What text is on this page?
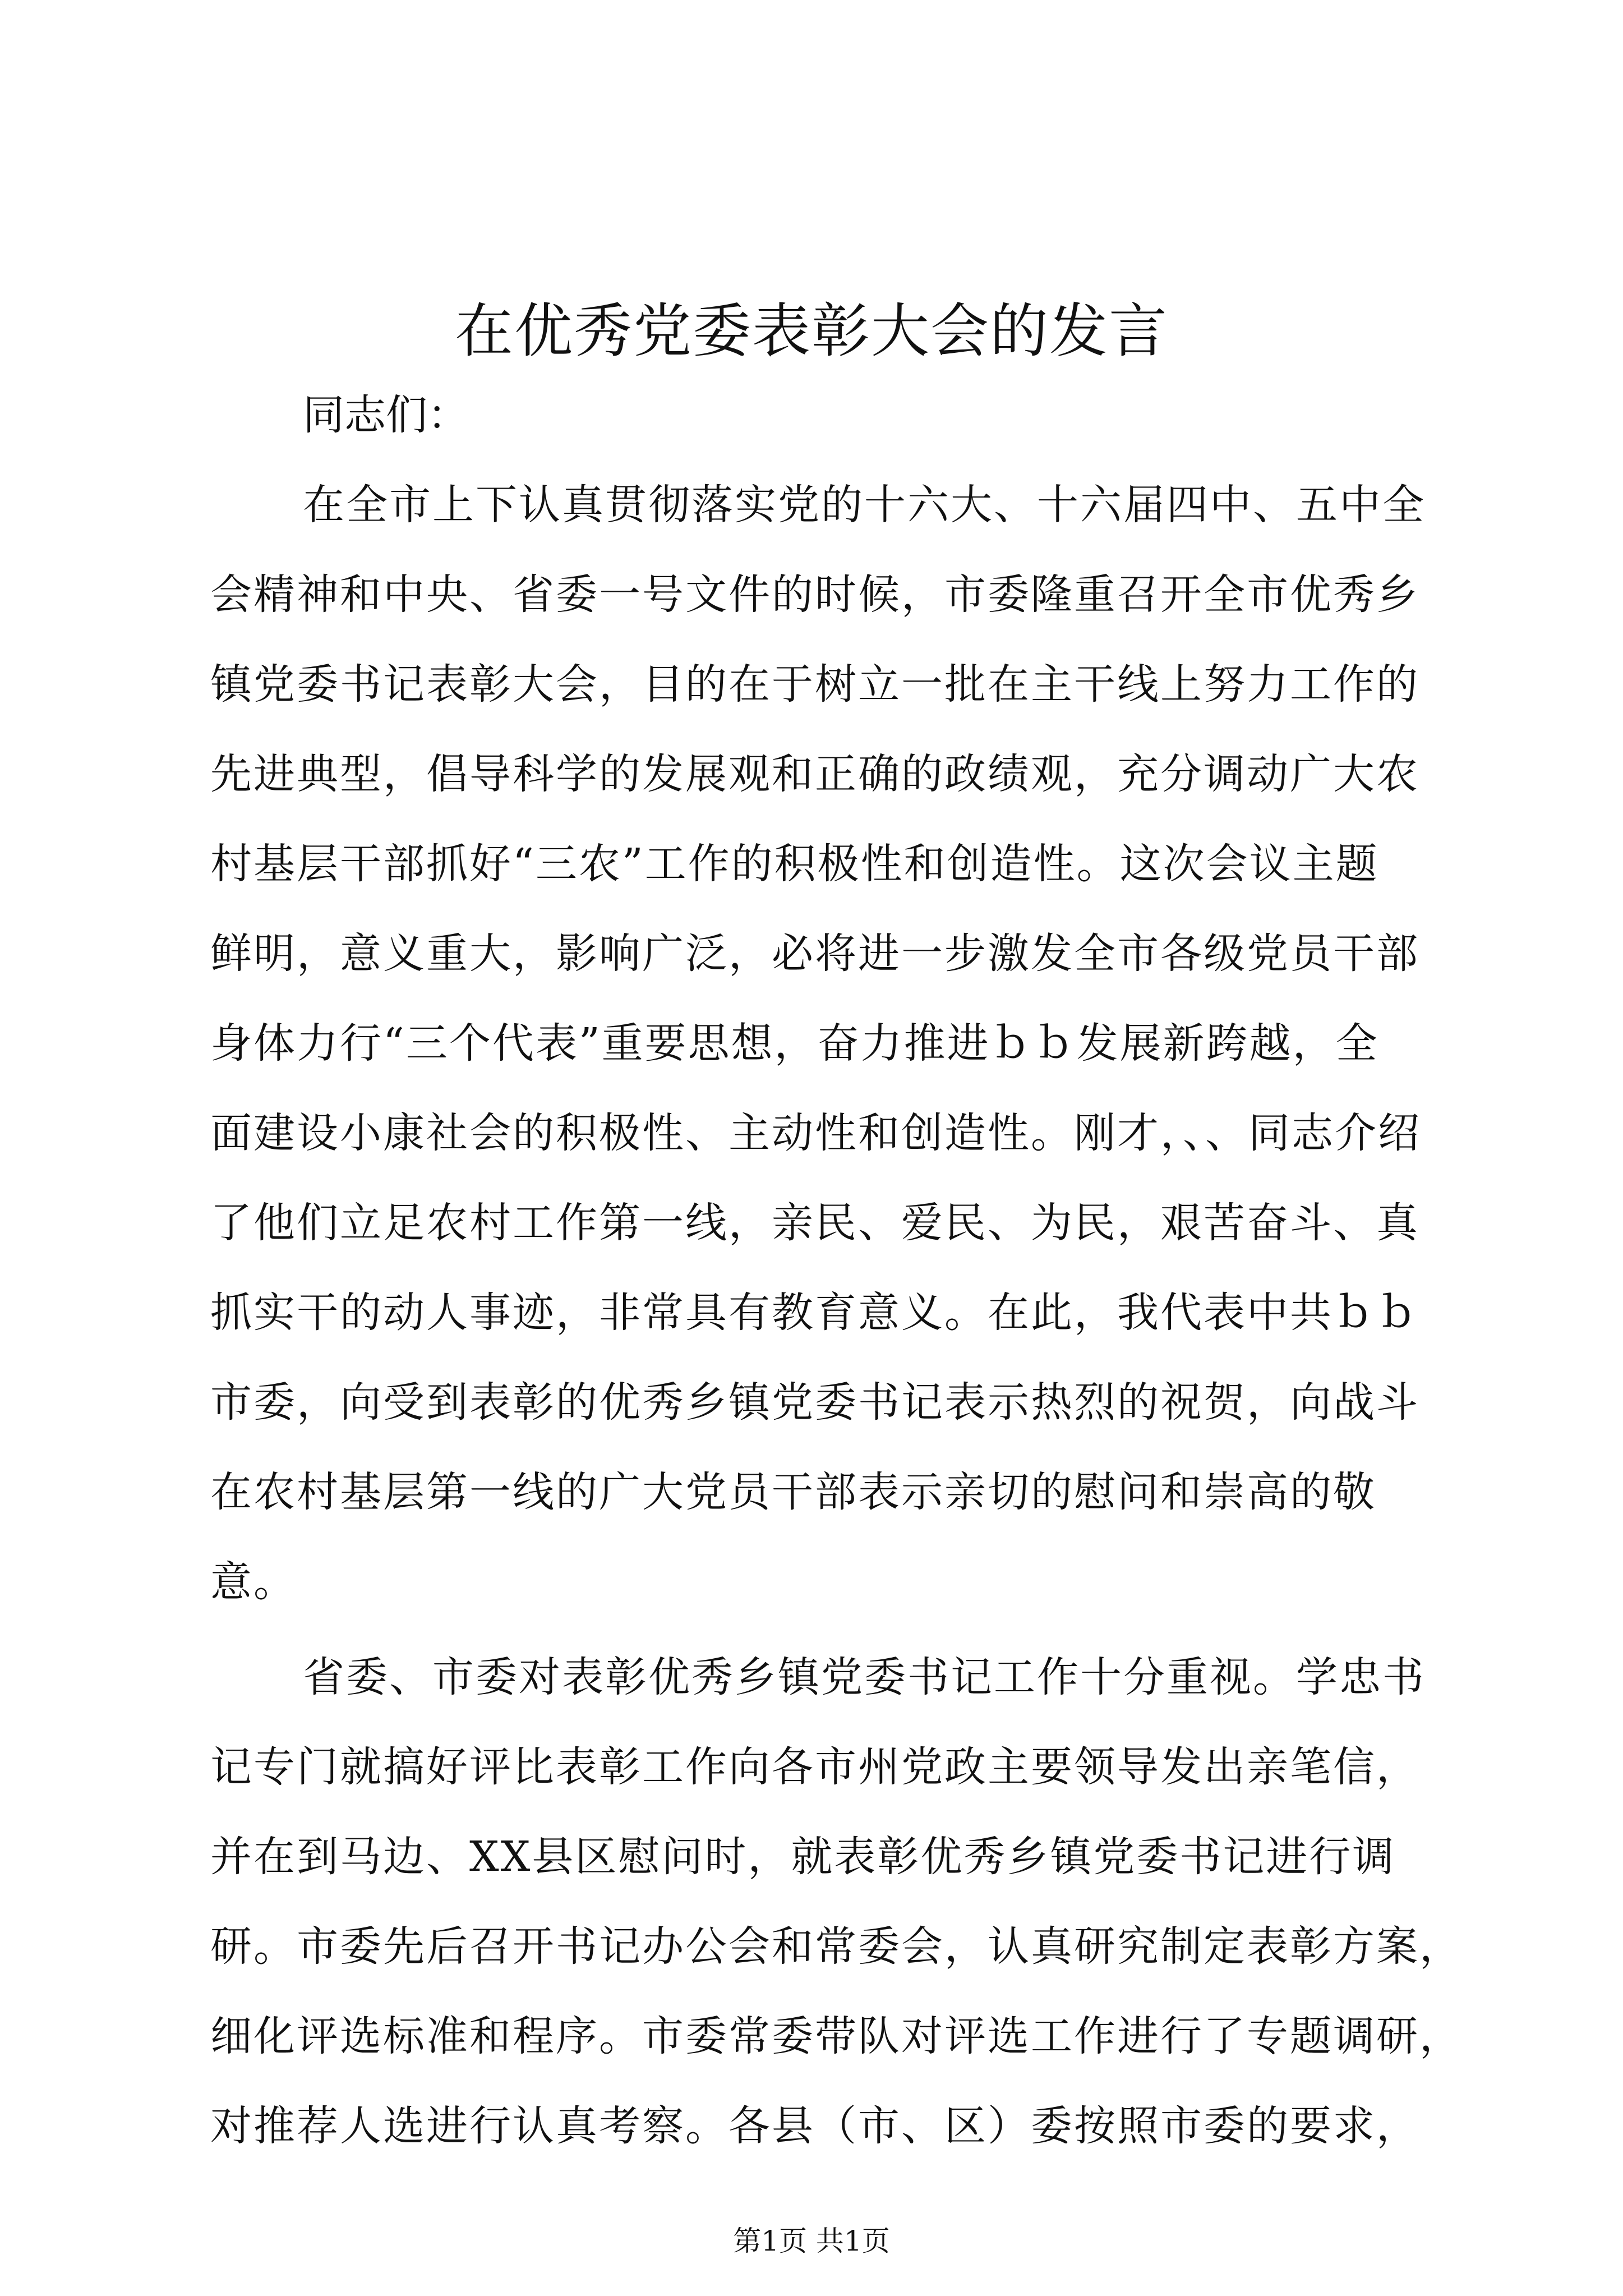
在优秀党委表彰大会的发言

同志们：

在全市上下认真贯彻落实党的十六大、十六届四中、五中全
会精神和中央、省委一号文件的时候，市委隆重召开全市优秀乡
镇党委书记表彰大会，目的在于树立一批在主干线上努力工作的
先进典型，倡导科学的发展观和正确的政绩观，充分调动广大农
村基层干部抓好“三农”工作的积极性和创造性。这次会议主题
鲜明，意义重大，影响广泛，必将进一步激发全市各级党员干部
身体力行“三个代表”重要思想，奋力推进ｂｂ发展新跨越，全
面建设小康社会的积极性、主动性和创造性。刚才，、、同志介绍
了他们立足农村工作第一线，亲民、爱民、为民，艰苦奋斗、真
抓实干的动人事迹，非常具有教育意义。在此，我代表中共ｂｂ
市委，向受到表彰的优秀乡镇党委书记表示热烈的祝贺，向战斗
在农村基层第一线的广大党员干部表示亲切的慰问和崇高的敬
意。
省委、市委对表彰优秀乡镇党委书记工作十分重视。学忠书
记专门就搞好评比表彰工作向各市州党政主要领导发出亲笔信，
并在到马边、XX县区慰问时，就表彰优秀乡镇党委书记进行调
研。市委先后召开书记办公会和常委会，认真研究制定表彰方案，
细化评选标准和程序。市委常委带队对评选工作进行了专题调研，
对推荐人选进行认真考察。各县（市、区）委按照市委的要求，

第1页 共1页
